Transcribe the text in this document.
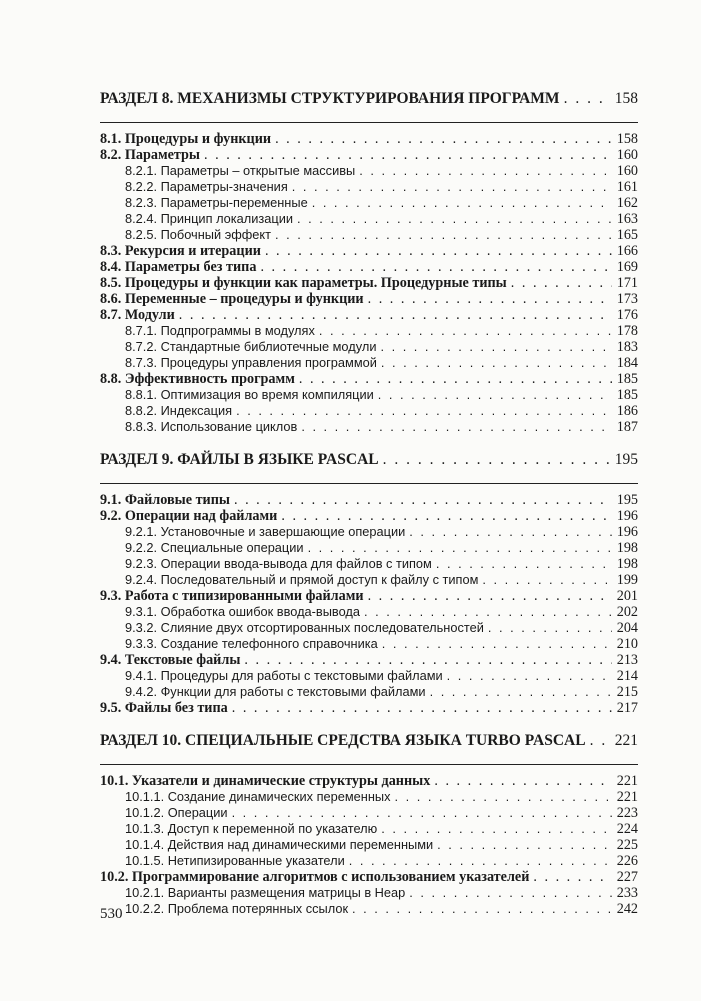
РАЗДЕЛ 8. МЕХАНИЗМЫ СТРУКТУРИРОВАНИЯ ПРОГРАММ . . .	158
8.1. Процедуры и функции . . .	158
8.2. Параметры . . .	160
8.2.1. Параметры – открытые массивы . . .	160
8.2.2. Параметры-значения . . .	161
8.2.3. Параметры-переменные . . .	162
8.2.4. Принцип локализации . . .	163
8.2.5. Побочный эффект . . .	165
8.3. Рекурсия и итерации . . .	166
8.4. Параметры без типа . . .	169
8.5. Процедуры и функции как параметры. Процедурные типы . . .	171
8.6. Переменные – процедуры и функции . . .	173
8.7. Модули . . .	176
8.7.1. Подпрограммы в модулях . . .	178
8.7.2. Стандартные библиотечные модули . . .	183
8.7.3. Процедуры управления программой . . .	184
8.8. Эффективность программ . . .	185
8.8.1. Оптимизация во время компиляции . . .	185
8.8.2. Индексация . . .	186
8.8.3. Использование циклов . . .	187
РАЗДЕЛ 9. ФАЙЛЫ В ЯЗЫКЕ PASCAL . . .	195
9.1. Файловые типы . . .	195
9.2. Операции над файлами . . .	196
9.2.1. Установочные и завершающие операции . . .	196
9.2.2. Специальные операции . . .	198
9.2.3. Операции ввода-вывода для файлов с типом . . .	198
9.2.4. Последовательный и прямой доступ к файлу с типом . . .	199
9.3. Работа с типизированными файлами . . .	201
9.3.1. Обработка ошибок ввода-вывода . . .	202
9.3.2. Слияние двух отсортированных последовательностей . . .	204
9.3.3. Создание телефонного справочника . . .	210
9.4. Текстовые файлы . . .	213
9.4.1. Процедуры для работы с текстовыми файлами . . .	214
9.4.2. Функции для работы с текстовыми файлами . . .	215
9.5. Файлы без типа . . .	217
РАЗДЕЛ 10. СПЕЦИАЛЬНЫЕ СРЕДСТВА ЯЗЫКА TURBO PASCAL . . . 221
10.1. Указатели и динамические структуры данных . . .	221
10.1.1. Создание динамических переменных . . .	221
10.1.2. Операции . . .	223
10.1.3. Доступ к переменной по указателю . . .	224
10.1.4. Действия над динамическими переменными . . .	225
10.1.5. Нетипизированные указатели . . .	226
10.2. Программирование алгоритмов с использованием указателей . . .	227
10.2.1. Варианты размещения матрицы в Heap . . .	233
10.2.2. Проблема потерянных ссылок . . .	242
530
